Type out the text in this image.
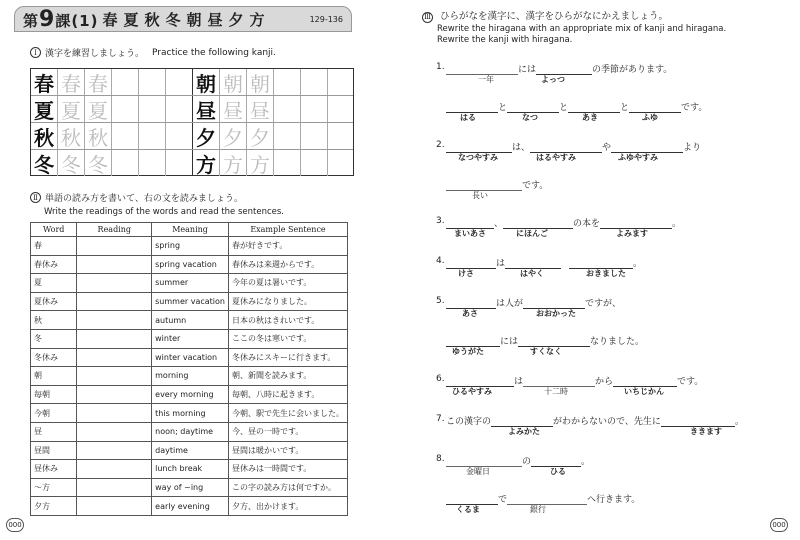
第9課(1) 春夏秋冬朝昼夕方	129-136
Ⅰ 漢字を練習しましょう。 Practice the following kanji.
春 春 春	朝 朝 朝
夏 夏 夏	昼 昼 昼
秋 秋 秋	夕 夕 夕
冬 冬 冬	方 方 方
Ⅱ 単語の読み方を書いて、右の文を読みましょう。
Write the readings of the words and read the sentences.
Word	Reading	Meaning	Example Sentence
春		spring	春が好きです。
春休み		spring vacation	春休みは来週からです。
夏		summer	今年の夏は暑いです。
夏休み		summer vacation	夏休みになりました。
秋		autumn	日本の秋はきれいです。
冬		winter	ここの冬は寒いです。
冬休み		winter vacation	冬休みにスキーに行きます。
朝		morning	朝、新聞を読みます。
毎朝		every morning	毎朝、八時に起きます。
今朝		this morning	今朝、駅で先生に会いました。
昼		noon; daytime	今、昼の一時です。
昼間		daytime	昼間は暖かいです。
昼休み		lunch break	昼休みは一時間です。
～方		way of ~ing	この字の読み方は何ですか。
夕方		early evening	夕方、出かけます。
000
Ⅲ ひらがなを漢字に、漢字をひらがなにかえましょう。
Rewrite the hiragana with an appropriate mix of kanji and hiragana.
Rewrite the kanji with hiragana.
1.	には	の季節があります。
一年	よっつ
と	と	と	です。
はる	なつ	あき	ふゆ
2.	は、	や	より
なつやすみ	はるやすみ	ふゆやすみ
です。
長い
3.	、	の本を	。
まいあさ	にほんご	よみます
4.	は	。
けさ	はやく	おきました
5.	は人が	ですが、
あさ	おおかった
には	なりました。
ゆうがた	すくなく
6.	は	から	です。
ひるやすみ	十二時	いちじかん
7. この漢字の	がわからないので、先生に	。
よみかた	ききます
8.	の	。
金曜日	ひる
で	へ行きます。
くるま	銀行
000
